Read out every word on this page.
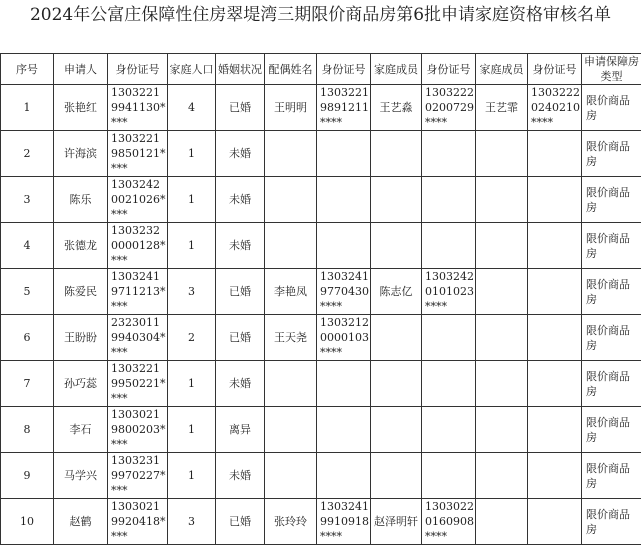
2024年公富庄保障性住房翠堤湾三期限价商品房第6批申请家庭资格审核名单
序号	申请人	身份证号	家庭人口	婚姻状况	配偶姓名	身份证号	家庭成员	身份证号	家庭成员	身份证号	申请保障房类型
1	张艳红	13032219941130****	4	已婚	王明明	13032219891211****	王艺淼	13032220200729****	王艺霏	13032220240210****	限价商品房
2	许海滨	13032219850121****	1	未婚							限价商品房
3	陈乐	13032420021026****	1	未婚							限价商品房
4	张德龙	13032320000128****	1	未婚							限价商品房
5	陈爱民	13032419711213****	3	已婚	李艳凤	13032419770430****	陈志亿	13032420101023****			限价商品房
6	王盼盼	23230119940304****	2	已婚	王天尧	13032120000103****					限价商品房
7	孙巧蕊	13032219950221****	1	未婚							限价商品房
8	李石	13030219800203****	1	离异							限价商品房
9	马学兴	13032319970227****	1	未婚							限价商品房
10	赵鹤	13030219920418****	3	已婚	张玲玲	13032419910918****	赵泽明轩	13030220160908****			限价商品房
